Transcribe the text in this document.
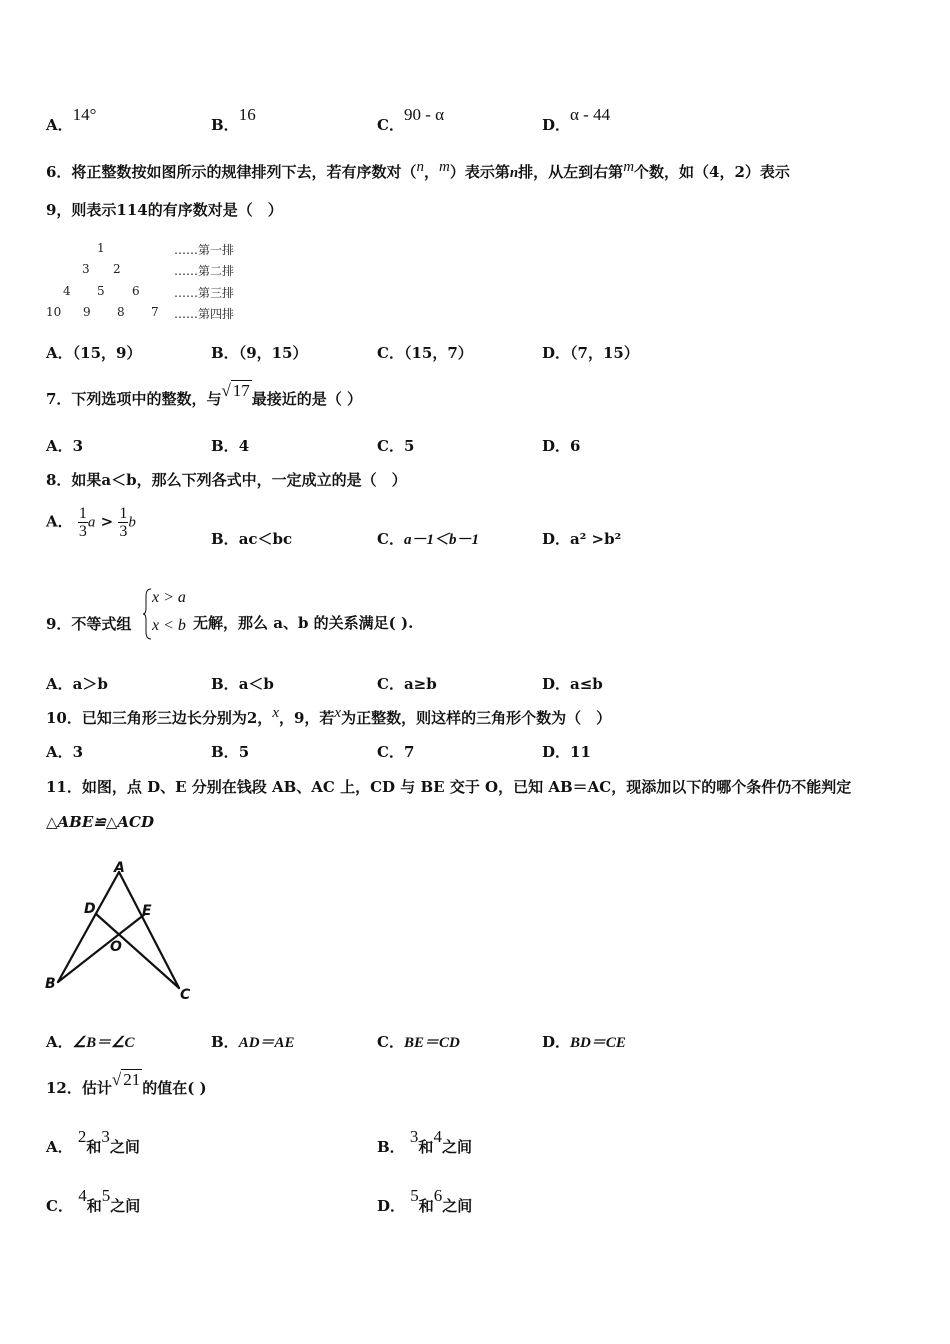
A．14°
B．16
C．90 - α
D．α - 44
6．将正整数按如图所示的规律排列下去，若有序数对（n，m）表示第n排，从左到右第m个数，如（4，2）表示
9，则表示114的有序数对是（　）
1
3 2
4 5 6
10 9 8 7
……第一排
……第二排
……第三排
……第四排
A．（15，9）	B．（9，15）	C．（15，7）	D．（7，15）
7．下列选项中的整数，与√ 17 最接近的是（ ）
A．3	B．4	C．5	D．6
8．如果a＜b，那么下列各式中，一定成立的是（　）
A． $\frac{1}{3}$ $a > \frac{1}{3}$ b
B．ac＜bc	C．a－1＜b－1	D．a² >b²
9．不等式组
x > a
x < b 无解，那么 a、b 的关系满足( ).
A．a＞b	B．a＜b	C．a≥b	D．a≤b
10．已知三角形三边长分别为2，x，9，若x为正整数，则这样的三角形个数为（　）
A．3	B．5	C．7	D．11
11．如图，点 D、E 分别在钱段 AB、AC 上，CD 与 BE 交于 O，已知 AB＝AC，现添加以下的哪个条件仍不能判定
△ABE≌△ACD
A
B
C
D	E
O
A．∠B＝∠C	B．AD＝AE	C．BE＝CD	D．BD＝CE
12．估计√ 21 的值在( )
A． 2和3之间	B． 3和4之间
C． 4和5之间	D． 5和6之间
